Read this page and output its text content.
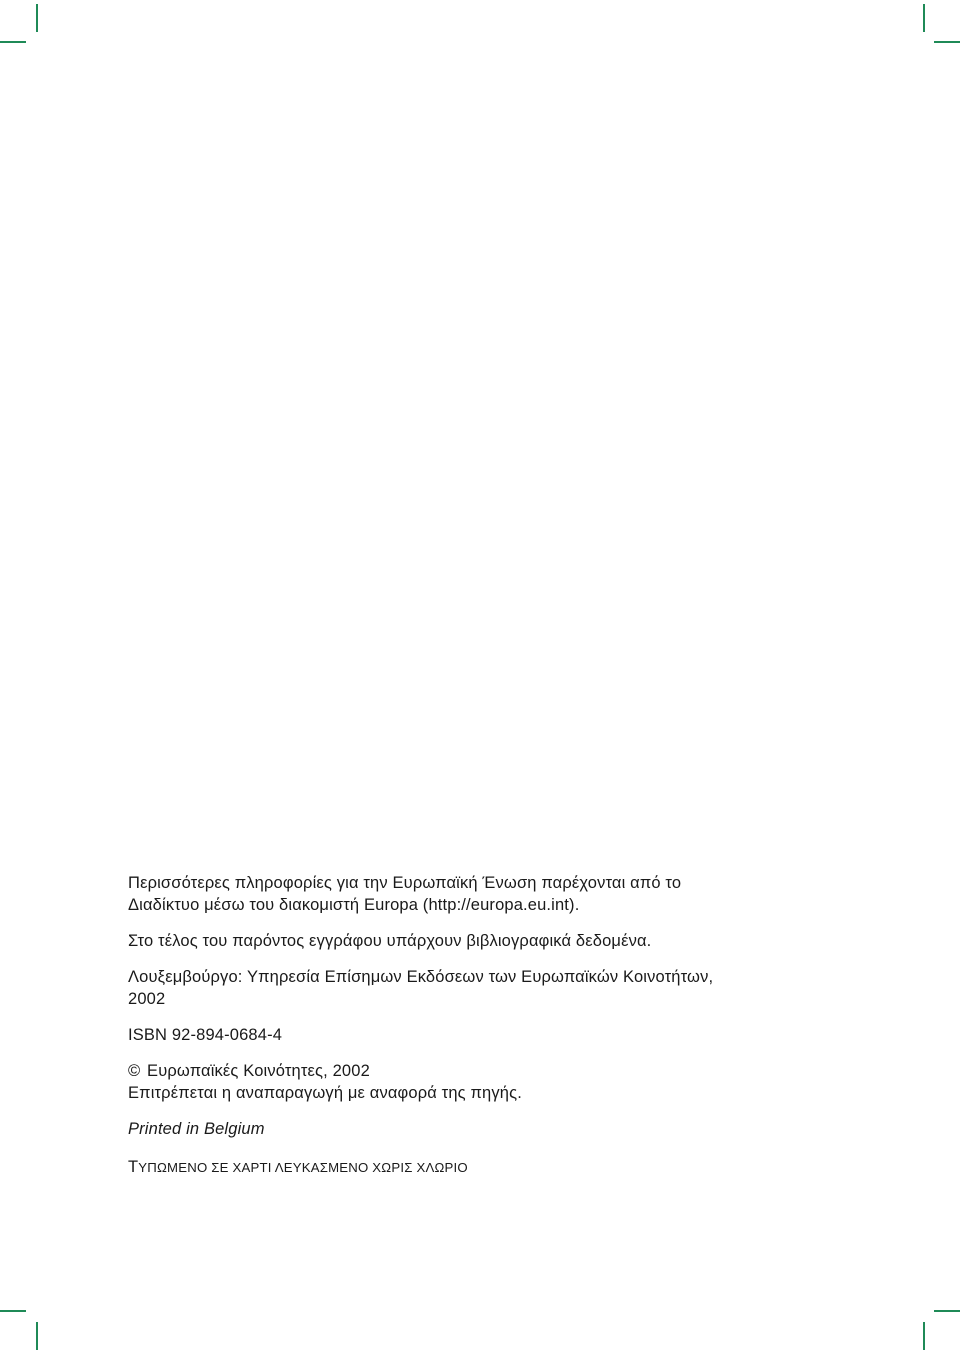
Περισσότερες πληροφορίες για την Ευρωπαϊκή Ένωση παρέχονται από το
Διαδίκτυο μέσω του διακομιστή Europa (http://europa.eu.int).

Στο τέλος του παρόντος εγγράφου υπάρχουν βιβλιογραφικά δεδομένα.

Λουξεμβούργο: Υπηρεσία Επίσημων Εκδόσεων των Ευρωπαϊκών Κοινοτήτων,
2002

ISBN 92-894-0684-4

© Ευρωπαϊκές Κοινότητες, 2002
Επιτρέπεται η αναπαραγωγή με αναφορά της πηγής.

Printed in Belgium

ΤΥΠΩΜΕΝΟ ΣΕ ΧΑΡΤΙ ΛΕΥΚΑΣΜΕΝΟ ΧΩΡΙΣ ΧΛΩΡΙΟ
